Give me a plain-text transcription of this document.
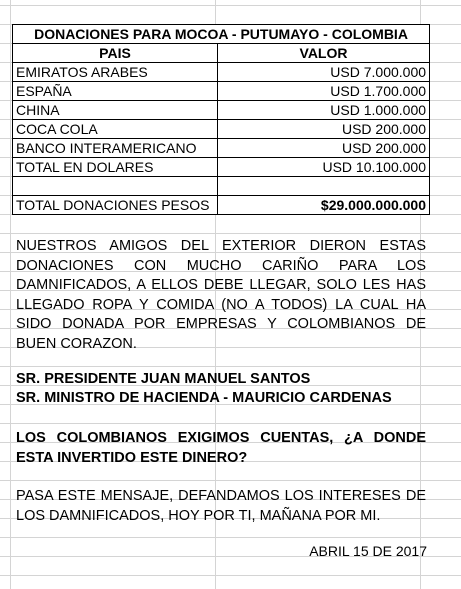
DONACIONES PARA MOCOA - PUTUMAYO - COLOMBIA	
PAIS	VALOR
EMIRATOS ARABES	USD 7.000.000
ESPAÑA	USD 1.700.000
CHINA	USD 1.000.000
COCA COLA	USD 200.000
BANCO INTERAMERICANO	USD 200.000
TOTAL EN DOLARES	USD 10.100.000

TOTAL DONACIONES PESOS	$29.000.000.000
NUESTROS AMIGOS DEL EXTERIOR DIERON ESTAS DONACIONES CON MUCHO CARIÑO PARA LOS DAMNIFICADOS, A ELLOS DEBE LLEGAR, SOLO LES HAS LLEGADO ROPA Y COMIDA (NO A TODOS) LA CUAL HA SIDO DONADA POR EMPRESAS Y COLOMBIANOS DE BUEN CORAZON.
SR. PRESIDENTE JUAN MANUEL SANTOS
SR. MINISTRO DE HACIENDA - MAURICIO CARDENAS
LOS COLOMBIANOS EXIGIMOS CUENTAS, ¿A DONDE ESTA INVERTIDO ESTE DINERO?
PASA ESTE MENSAJE, DEFANDAMOS LOS INTERESES DE LOS DAMNIFICADOS, HOY POR TI, MAÑANA POR MI.
ABRIL 15 DE 2017
